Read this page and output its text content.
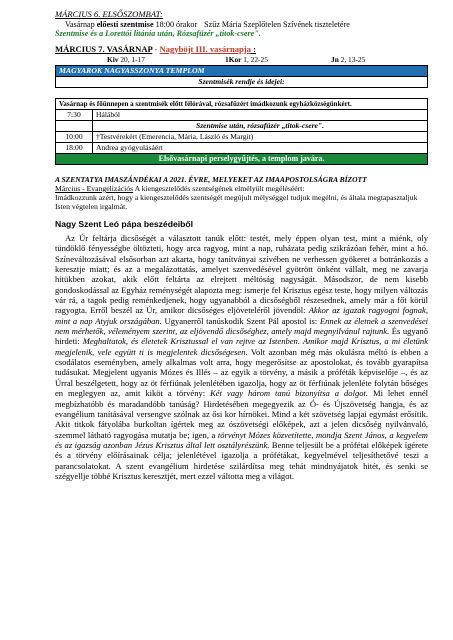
MÁRCIUS 6. ELSŐSZOMBAT:
Vasárnap előesti szentmise 18:00 órakor Szűz Mária Szeplőtelen Szívének tiszteletére
Szentmise és a Lorettói litánia után, Rózsafüzér „titok-csere".
MÁRCIUS 7. VASÁRNAP - Nagyböjt III. vasárnapja :
Kiv 20, 1-17	1Kor 1, 22-25	Jn 2, 13-25
MAGYAROK NAGYASSZONYA TEMPLOM	
Szentmisék rendje és idejei:	

Vasárnap és főünnepen a szentmisék előtt félórával, rózsafüzért imádkozunk egyházközségünkért.	
7:30	Hálából
	Szentmise után, rózsafüzér „titok-csere".
10:00	†Testvérekért (Emerencia, Mária, László és Margit)
18:00	Andrea gyógyulásáért
Elsővasárnapi perselygyűjtés, a templom javára.	
A SZENTATYA IMASZÁNDÉKAI A 2021. ÉVRE, MELYEKET AZ IMAAPOSTOLSÁGRA BÍZOTT
Március - Evangelizációs A kiengesztelődés szentségének elmélyült megéléséért:
Imádkozzunk azért, hogy a kiengesztelődés szentségét megújult mélységgel tudjuk megélni, és általa megtapasztaljuk Isten végtelen irgalmát.
Nagy Szent Leó pápa beszédeiből

Az Úr feltárja dicsőségét a választott tanúk előtt: testét, mely éppen olyan test, mint a miénk, oly tündöklő fényességbe öltözteti, hogy arca ragyog, mint a nap, ruházata pedig szikrázóan fehér, mint a hó. Színeváltozásával elsősorban azt akarta, hogy tanítványai szívében ne verhessen gyökeret a botránkozás a keresztje miatt; és az a megalázottatás, amelyet szenvedésével gyötrött önként vállalt, meg ne zavarja hitükben azokat, akik előtt feltárta az elrejtett méltóság nagyságát. Másodszor, de nem kisebb gondoskodással az Egyház reménységét alapozta meg: ismerje fel Krisztus egész teste, hogy milyen változás vár rá, a tagok pedig reménkedjenek, hogy ugyanabból a dicsőségből részesednek, amely már a főt körül ragyogta. Erről beszél az Úr, amikor dicsőséges eljöveteléről jövendöl: Akkor az igazak ragyogni fognak, mint a nap Atyjuk országában. Ugyanerről tanúskodik Szent Pál apostol is: Ennek az életnek a szenvedései nem mérhetők, véleményem szerint, az eljövendő dicsőséghez, amely majd megnyilvánul rajtunk. És ugyanő hirdeti: Meghaltatok, és életetek Krisztussal el van rejtve az Istenben. Amikor majd Krisztus, a mi életünk megjelenik, vele együtt ti is megjelentek dicsőségesen. Volt azonban még más okulásra méltó is ebben a csodálatos eseményben, amely alkalmas volt arra, hogy megerősítse az apostolokat, és tovább gyarapítsa tudásukat. Megjelent ugyanis Mózes és Illés – az egyik a törvény, a másik a próféták képviselője –, és az Úrral beszélgetett, hogy az öt férfiúnak jelenlétében igazolja, hogy az öt férfiúnak jelenléte folytán bőséges en meglegyen az, amit kiköt a törvény: Két vagy három tanú bizonyítsa a dolgot. Mi lehet ennél megbízhatóbb és maradandóbb tanúság? Hirdetésében megegyezik az Ó- és Újszövetség hangja, és az evangélium tanításával versengve szólnak az ősi kor hírnökei. Mind a két szövetség lapjai egymást erősítik. Akit titkok fátyolába burkoltan ígértek meg az ószövetségi előképek, azt a jelen dicsőség nyilvánvaló, szemmel látható ragyogása mutatja be; igen, a törvényt Mózes közvetítette, mondja Szent János, a kegyelem és az igazság azonban Jézus Krisztus által lett osztályrészünk. Benne teljesült be a prófétai előképek ígérete és a törvény előírásainak célja; jelenlétével igazolja a prófétákat, kegyelmével teljesíthetővé teszi a parancsolatokat. A szent evangélium hirdetése szilárdítsa meg tehát mindnyájatok hitét, és senki se szégyellje többé Krisztus keresztjét, mert ezzel váltotta meg a világot.
